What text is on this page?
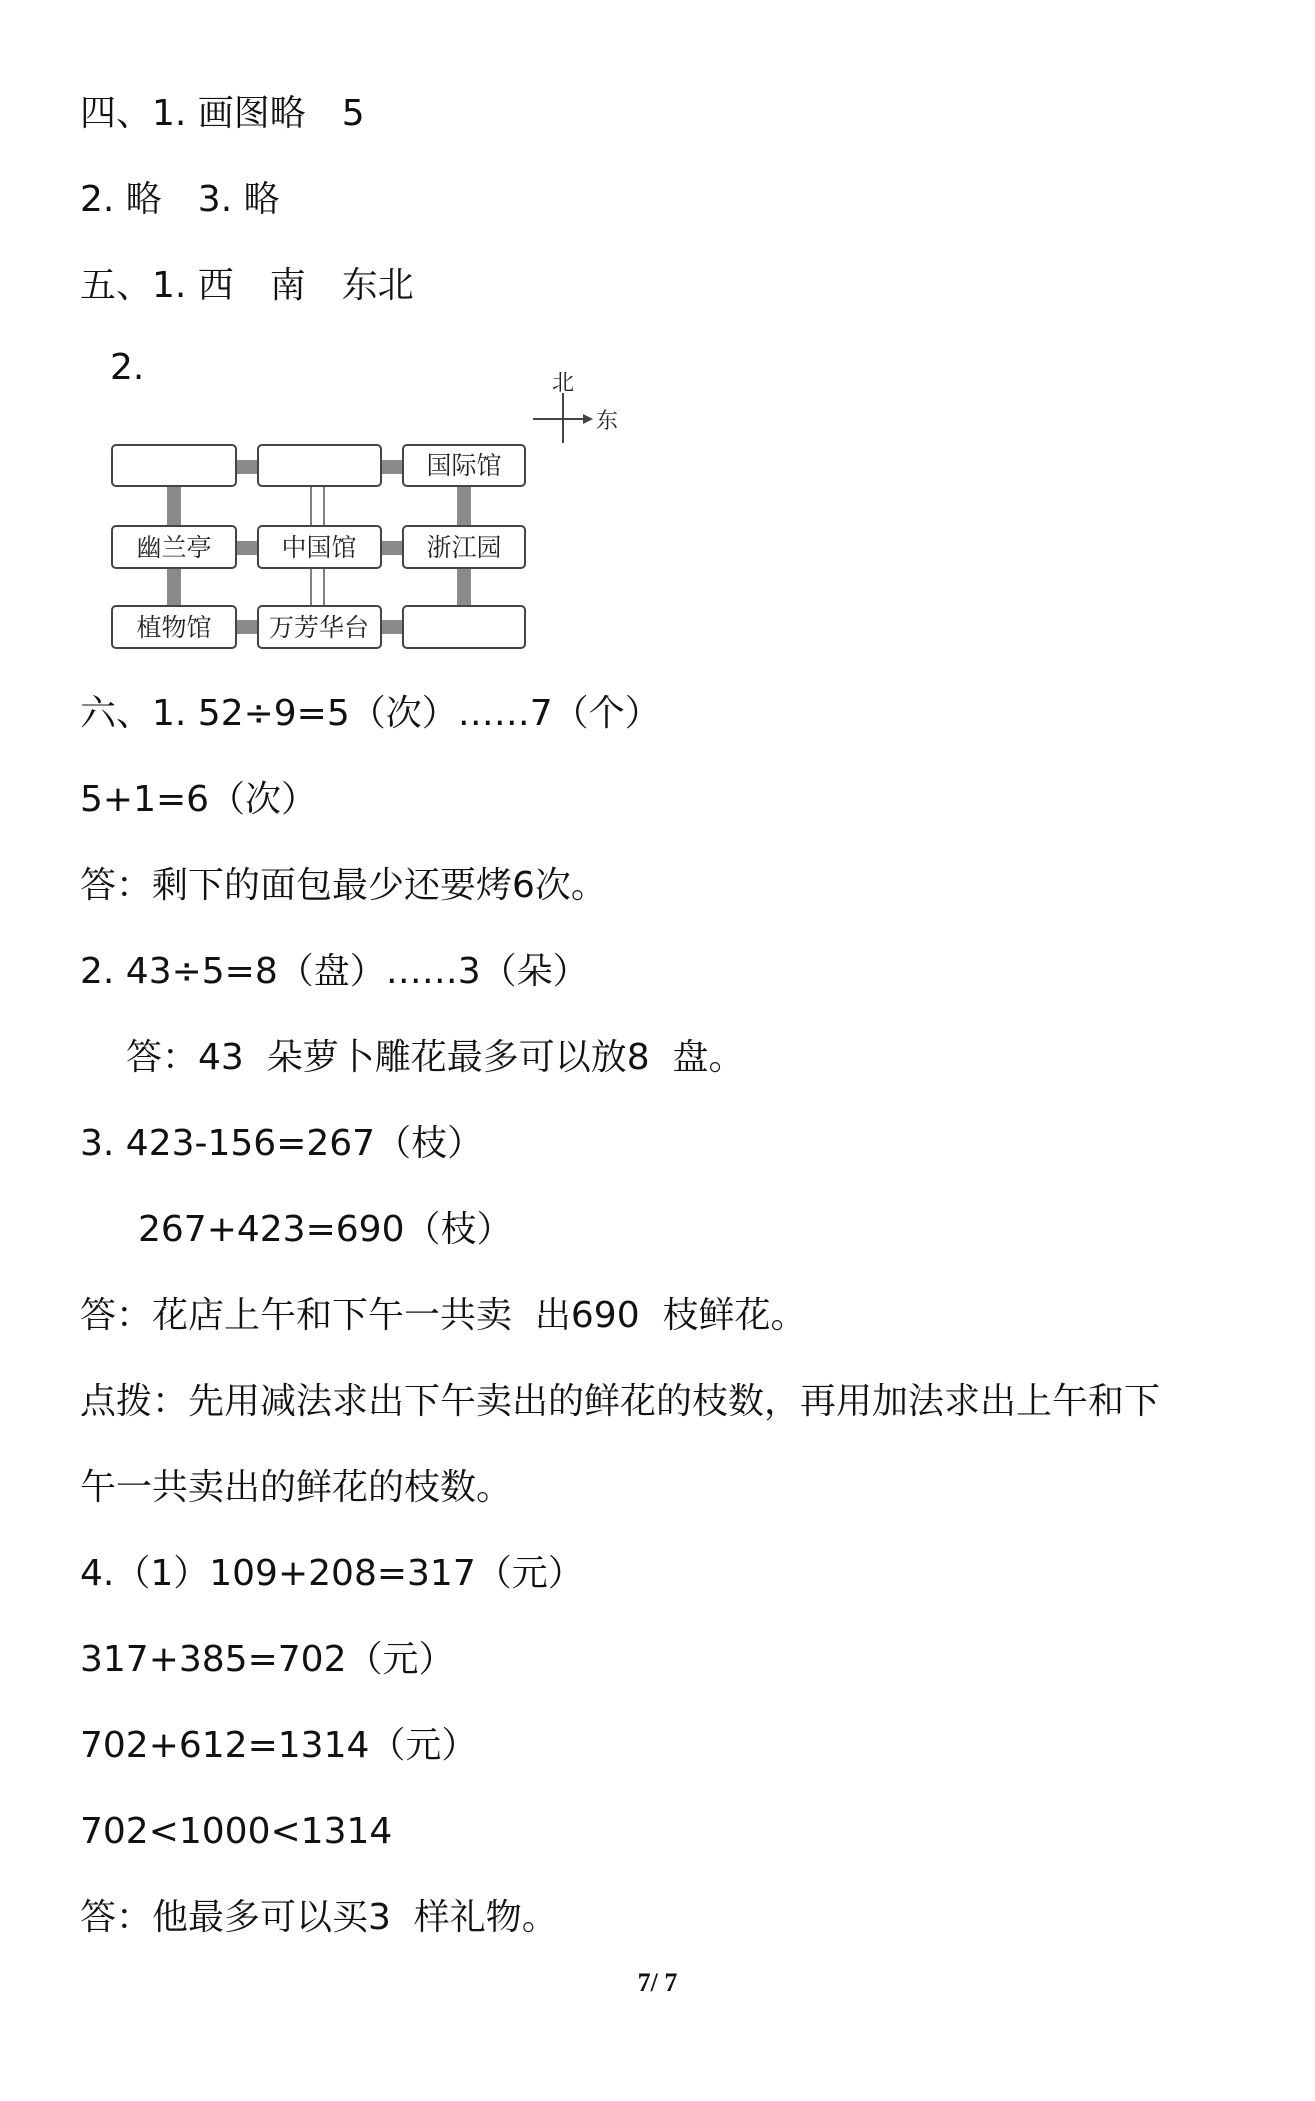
四、1. 画图略　5
2. 略　3. 略
五、1. 西　南　东北
2.	北
东
国际馆
幽兰亭	中国馆	浙江园
植物馆 万芳华台
六、1. 52÷9=5（次）……7（个）
5+1=6（次）
答：剩下的面包最少还要烤6次。
2. 43÷5=8（盘）……3（朵）
答：43  朵萝卜雕花最多可以放8  盘。
3. 423-156=267（枝）
267+423=690（枝）
答：花店上午和下午一共卖  出690  枝鲜花。
点拨：先用减法求出下午卖出的鲜花的枝数，再用加法求出上午和下
午一共卖出的鲜花的枝数。
4.（1）109+208=317（元）
317+385=702（元）
702+612=1314（元）
702<1000<1314
答：他最多可以买3  样礼物。
7/ 7
